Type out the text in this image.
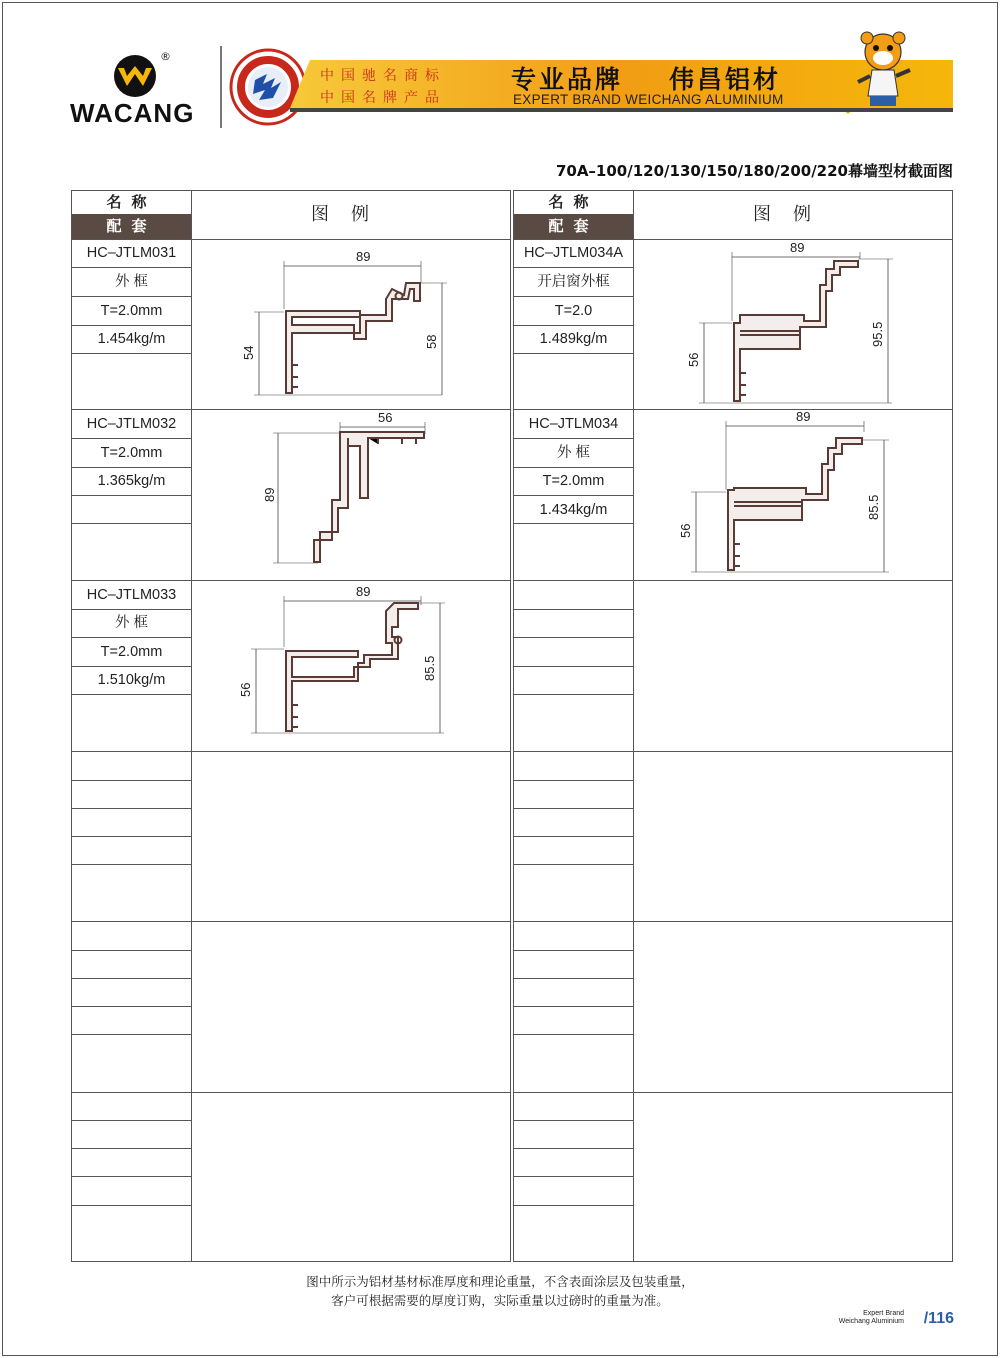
®
WACANG
中国驰名商标
中国名牌产品
专业品牌 伟昌铝材
EXPERT BRAND WEICHANG ALUMINIUM
70A–100/120/130/150/180/200/220幕墙型材截面图
名称
配套
图例
HC–JTLM031
外 框
T=2.0mm
1.454kg/m
89
54
58
HC–JTLM032
T=2.0mm
1.365kg/m
56
89
HC–JTLM033
外 框
T=2.0mm
1.510kg/m
89
56
85.5
名称
配套
图例
HC–JTLM034A
开启窗外框
T=2.0
1.489kg/m
89
56
95.5
HC–JTLM034
外 框
T=2.0mm
1.434kg/m
89
56
85.5
图中所示为铝材基材标准厚度和理论重量，不含表面涂层及包装重量，
客户可根据需要的厚度订购，实际重量以过磅时的重量为准。
Expert Brand
Weichang Aluminium /116
